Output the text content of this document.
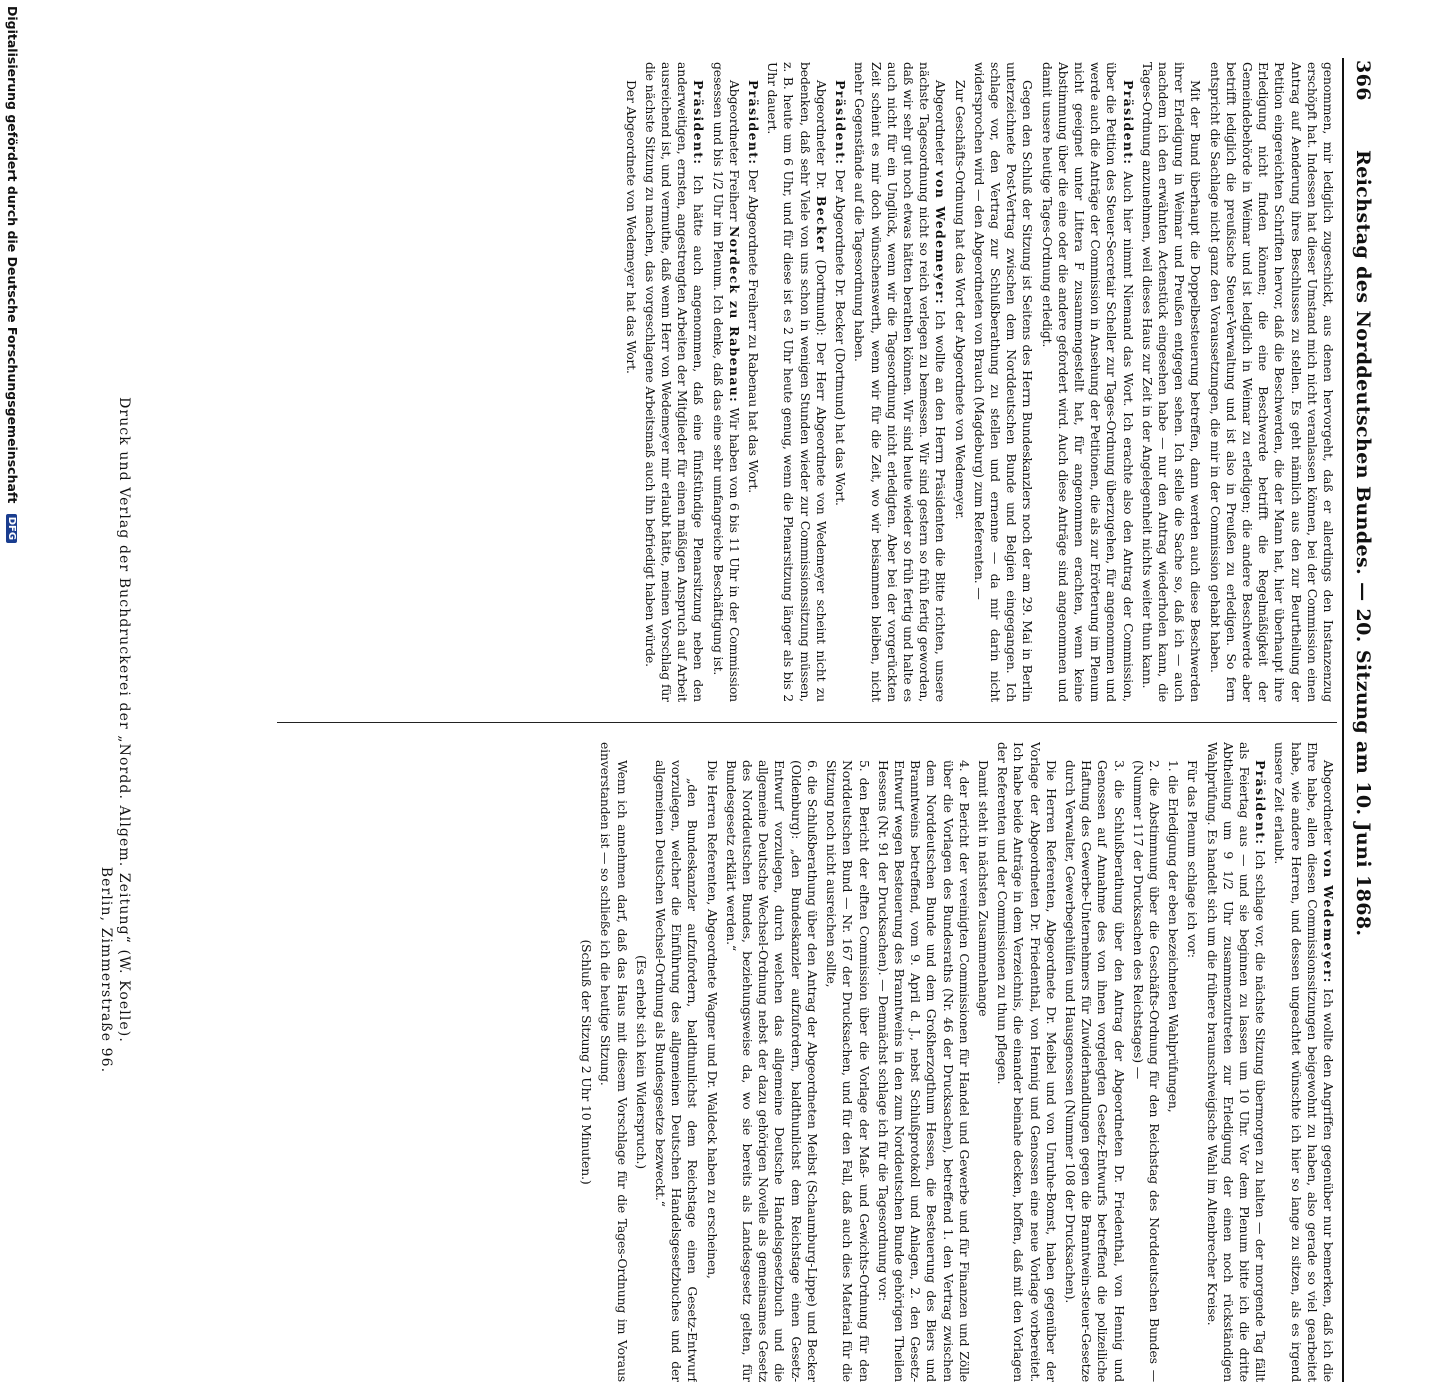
366
Reichstag des Norddeutschen Bundes. — 20. Sitzung am 10. Juni 1868.

genommen, mir lediglich zugeschickt, aus denen hervorgeht, daß er allerdings den Instanzenzug erschöpft hat. Indessen hat dieser Umstand mich nicht veranlassen können, bei der Commission einen Antrag auf Aenderung ihres Beschlusses zu stellen. Es geht nämlich aus den zur Beurtheilung der Petition eingereichten Schriften hervor, daß die Beschwerden, die der Mann hat, hier überhaupt ihre Erledigung nicht finden können; die eine Beschwerde betrifft die Regelmäßigkeit der Gemeindebehörde in Weimar und ist lediglich in Weimar zu erledigen; die andere Beschwerde aber betrifft lediglich die preußische Steuer-Verwaltung und ist also in Preußen zu erledigen. So fern entspricht die Sachlage nicht ganz den Voraussetzungen, die mir in der Commission gehabt haben.

Mit der Bund überhaupt die Doppelbesteuerung betreffen, dann werden auch diese Beschwerden ihrer Erledigung in Weimar und Preußen entgegen sehen. Ich stelle die Sache so, daß ich — auch nachdem ich den erwähnten Actenstück eingesehen habe — nur den Antrag wiederholen kann, die Tages-Ordnung anzunehmen, weil dieses Haus zur Zeit in der Angelegenheit nichts weiter thun kann.

Präsident: Auch hier nimmt Niemand das Wort. Ich erachte also den Antrag der Commission, über die Petition des Steuer-Secretair Scheller zur Tages-Ordnung überzugehen, für angenommen und werde auch die Anträge der Commission in Ansehung der Petitionen, die als zur Erörterung im Plenum nicht geeignet unter Littera F zusammengestellt hat, für angenommen erachten, wenn keine Abstimmung über die eine oder die andere gefordert wird. Auch diese Anträge sind angenommen und damit unsere heutige Tages-Ordnung erledigt.

Gegen den Schluß der Sitzung ist Seitens des Herrn Bundeskanzlers noch der am 29. Mai in Berlin unterzeichnete Post-Vertrag zwischen dem Norddeutschen Bunde und Belgien eingegangen. Ich schlage vor, den Vertrag zur Schlußberathung zu stellen und ernenne — da mir darin nicht widersprochen wird — den Abgeordneten von Brauch (Magdeburg) zum Referenten. —

Zur Geschäfts-Ordnung hat das Wort der Abgeordnete von Wedemeyer.

Abgeordneter von Wedemeyer: Ich wollte an den Herrn Präsidenten die Bitte richten, unsere nächste Tagesordnung nicht so reich verlegen zu bemessen. Wir sind gestern so früh fertig geworden, daß wir sehr gut noch etwas hätten berathen können. Wir sind heute wieder so früh fertig und halte es auch nicht für ein Unglück, wenn wir die Tagesordnung nicht erledigten. Aber bei der vorgerückten Zeit scheint es mir doch wünschenswerth, wenn wir für die Zeit, wo wir beisammen bleiben, nicht mehr Gegenstände auf die Tagesordnung haben.

Präsident: Der Abgeordnete Dr. Becker (Dortmund) hat das Wort.

Abgeordneter Dr. Becker (Dortmund): Der Herr Abgeordnete von Wedemeyer scheint nicht zu bedenken, daß sehr Viele von uns schon in wenigen Stunden wieder zur Commissionssitzung müssen, z. B. heute um 6 Uhr, und für diese ist es 2 Uhr heute genug, wenn die Plenarsitzung länger als bis 2 Uhr dauert.

Präsident: Der Abgeordnete Freiherr zu Rabenau hat das Wort.

Abgeordneter Freiherr Nordeck zu Rabenau: Wir haben von 6 bis 11 Uhr in der Commission gesessen und bis 1/2 Uhr im Plenum. Ich denke, daß das eine sehr umfangreiche Beschäftigung ist.

Präsident: Ich hätte auch angenommen, daß eine fünfstündige Plenarsitzung neben den anderweitigen, ernsten, angestrengten Arbeiten der Mitglieder für einen mäßigen Anspruch auf Arbeit ausreichend ist, und vermuthe, daß wenn Herr von Wedemeyer mir erlaubt hätte, meinen Vorschlag für die nächste Sitzung zu machen, das vorgeschlagene Arbeitsmaß auch ihn befriedigt haben würde.

Der Abgeordnete von Wedemeyer hat das Wort.

Abgeordneter von Wedemeyer: Ich wollte den Angriffen gegenüber nur bemerken, daß ich die Ehre habe, allen diesen Commissionssitzungen beigewohnt zu haben, also gerade so viel gearbeitet habe, wie andere Herren, und dessen ungeachtet wünschte ich hier so lange zu sitzen, als es irgend unsere Zeit erlaubt.

Präsident: Ich schlage vor, die nächste Sitzung übermorgen zu halten — der morgende Tag fällt als Feiertag aus — und sie beginnen zu lassen um 10 Uhr. Vor dem Plenum bitte ich die dritte Abtheilung um 9 1/2 Uhr zusammenzutreten zur Erledigung der einen noch rückständigen Wahlprüfung. Es handelt sich um die frühere braunschweigische Wahl im Altenbrecher Kreise.

Für das Plenum schlage ich vor:

1. die Erledigung der eben bezeichneten Wahlprüfungen,

2. die Abstimmung über die Geschäfts-Ordnung für den Reichstag des Norddeutschen Bundes — (Nummer 117 der Drucksachen des Reichstages) —

3. die Schlußberathung über den Antrag der Abgeordneten Dr. Friedenthal, von Hennig und Genossen auf Annahme des von ihnen vorgelegten Gesetz-Entwurfs betreffend die polizeiliche Haftung des Gewerbe-Unternehmers für Zuwiderhandlungen gegen die Branntwein-steuer-Gesetze durch Verwalter, Gewerbegehülfen und Hausgenossen (Nummer 108 der Drucksachen).

Die Herren Referenten, Abgeordnete Dr. Meibel und von Unruhe-Bomst, haben gegenüber der Vorlage der Abgeordneten Dr. Friedenthal, von Hennig und Genossen eine neue Vorlage vorbereitet. Ich habe beide Anträge in dem Verzeichnis, die einander beinahe decken, hoffen, daß mit den Vorlagen der Referenten und der Commissionen zu thun pflegen.

Damit steht in nächsten Zusammenhange

4. der Bericht der vereinigten Commissionen für Handel und Gewerbe und für Finanzen und Zölle über die Vorlagen des Bundesraths (Nr. 46 der Drucksachen), betreffend 1. den Vertrag zwischen dem Norddeutschen Bunde und dem Großherzogthum Hessen, die Besteuerung des Biers und Branntweins betreffend, vom 9. April d. J., nebst Schlußprotokoll und Anlagen, 2. den Gesetz-Entwurf wegen Besteuerung des Branntweins in den zum Norddeutschen Bunde gehörigen Theilen Hessens (Nr. 91 der Drucksachen). — Demnächst schlage ich für die Tagesordnung vor:

5. den Bericht der elften Commission über die Vorlage der Maß- und Gewichts-Ordnung für den Norddeutschen Bund — Nr. 167 der Drucksachen, und für den Fall, daß auch dies Material für die Sitzung noch nicht ausreichen sollte,

6. die Schlußberathung über den Antrag der Abgeordneten Meibst (Schaumburg-Lippe) und Becker (Oldenburg): „den Bundeskanzler aufzufordern, baldthunlichst dem Reichstage einen Gesetz-Entwurf vorzulegen, durch welchen das allgemeine Deutsche Handelsgesetzbuch und die allgemeine Deutsche Wechsel-Ordnung nebst der dazu gehörigen Novelle als gemeinsames Gesetz des Norddeutschen Bundes, beziehungsweise da, wo sie bereits als Landesgesetz gelten, für Bundesgesetz erklärt werden.“

Die Herren Referenten, Abgeordnete Wagner und Dr. Waldeck haben zu erscheinen,

„den Bundeskanzler aufzufordern, baldthunlichst dem Reichstage einen Gesetz-Entwurf vorzulegen, welcher die Einführung des allgemeinen Deutschen Handelsgesetzbuches und der allgemeinen Deutschen Wechsel-Ordnung als Bundesgesetze bezweckt.“

(Es erhebt sich kein Widerspruch.)

Wenn ich annehmen darf, daß das Haus mit diesem Vorschlage für die Tages-Ordnung im Voraus einverstanden ist — so schließe ich die heutige Sitzung.

(Schluß der Sitzung 2 Uhr 10 Minuten.)

Druck und Verlag der Buchdruckerei der „Nordd. Allgem. Zeitung“ (W. Koelle).
Berlin, Zimmerstraße 96.
Digitalisierung gefördert durch die Deutsche Forschungsgemeinschaft DFG
